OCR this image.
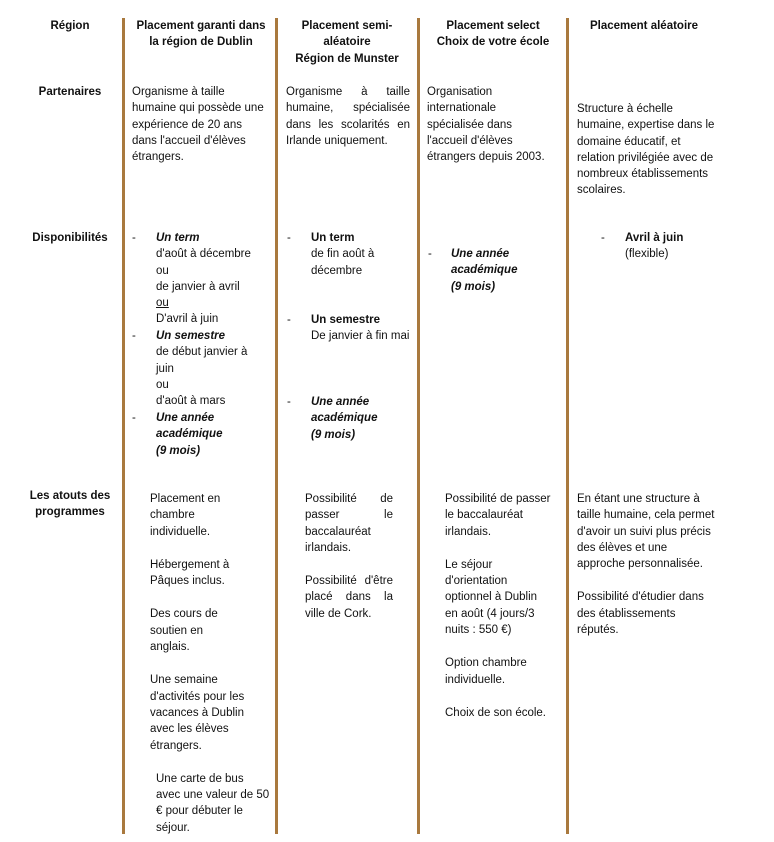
Région	Placement garanti dans la région de Dublin

Placement semi-

aléatoire

Région de Munster

Placement select

Choix de votre école

Placement aléatoire
Partenaires
Disponibilités
Les atouts des programmes
Organisme à taille humaine qui possède une expérience de 20 ans dans l'accueil d'élèves étrangers.
Organisme à taille humaine, spécialisée dans les scolarités en Irlande uniquement.
Organisation internationale spécialisée dans l'accueil d'élèves étrangers depuis 2003.
Structure à échelle humaine, expertise dans le domaine éducatif, et relation privilégiée avec de nombreux établissements scolaires.
- Un term

d'août à décembre

ou

de janvier à avril

ou

D'avril à juin

- Un semestre

de début janvier à juin

ou

d'août à mars

- Une année

académique

(9 mois)

- Un term

de fin août à décembre

- Un semestre

De janvier à fin mai

- Une année

académique

(9 mois)

- Une année

académique

(9 mois)

- Avril à juin

(flexible)

Placement en chambre individuelle.

Hébergement à Pâques inclus.

Des cours de soutien en anglais.

Une semaine d'activités pour les vacances à Dublin avec les élèves étrangers.

Une carte de bus avec une valeur de 50 € pour débuter le séjour.

Possibilité de passer le baccalauréat irlandais.

Possibilité d'être placé dans la ville de Cork.

Possibilité de passer le baccalauréat irlandais.

Le séjour d'orientation optionnel à Dublin en août (4 jours/3 nuits : 550 €)

Option chambre individuelle.

Choix de son école.

En étant une structure à taille humaine, cela permet d'avoir un suivi plus précis des élèves et une approche personnalisée.

Possibilité d'étudier dans des établissements réputés.
